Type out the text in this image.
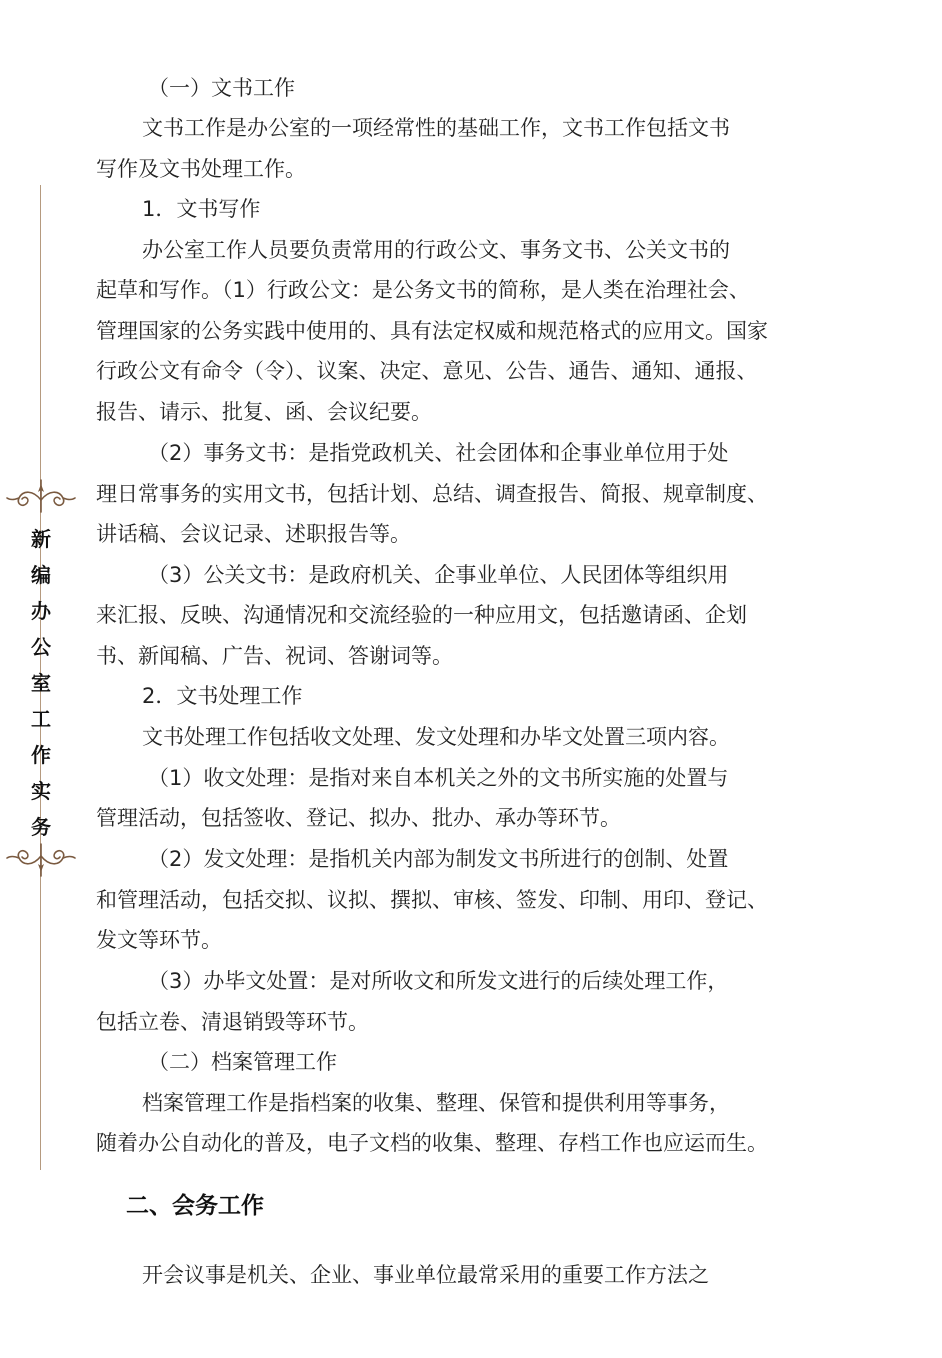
新
编
办
公
室
工
作
实
务

（一）文书工作

文书工作是办公室的一项经常性的基础工作，文书工作包括文书

写作及文书处理工作。

1．文书写作

办公室工作人员要负责常用的行政公文、事务文书、公关文书的

起草和写作。（1）行政公文：是公务文书的简称，是人类在治理社会、

管理国家的公务实践中使用的、具有法定权威和规范格式的应用文。国家

行政公文有命令（令）、议案、决定、意见、公告、通告、通知、通报、

报告、请示、批复、函、会议纪要。

（2）事务文书：是指党政机关、社会团体和企事业单位用于处

理日常事务的实用文书，包括计划、总结、调查报告、简报、规章制度、

讲话稿、会议记录、述职报告等。

（3）公关文书：是政府机关、企事业单位、人民团体等组织用

来汇报、反映、沟通情况和交流经验的一种应用文，包括邀请函、企划

书、新闻稿、广告、祝词、答谢词等。

2．文书处理工作

文书处理工作包括收文处理、发文处理和办毕文处置三项内容。

（1）收文处理：是指对来自本机关之外的文书所实施的处置与

管理活动，包括签收、登记、拟办、批办、承办等环节。

（2）发文处理：是指机关内部为制发文书所进行的创制、处置

和管理活动，包括交拟、议拟、撰拟、审核、签发、印制、用印、登记、

发文等环节。

（3）办毕文处置：是对所收文和所发文进行的后续处理工作，

包括立卷、清退销毁等环节。

（二）档案管理工作

档案管理工作是指档案的收集、整理、保管和提供利用等事务，

随着办公自动化的普及，电子文档的收集、整理、存档工作也应运而生。

二、会务工作

开会议事是机关、企业、事业单位最常采用的重要工作方法之
